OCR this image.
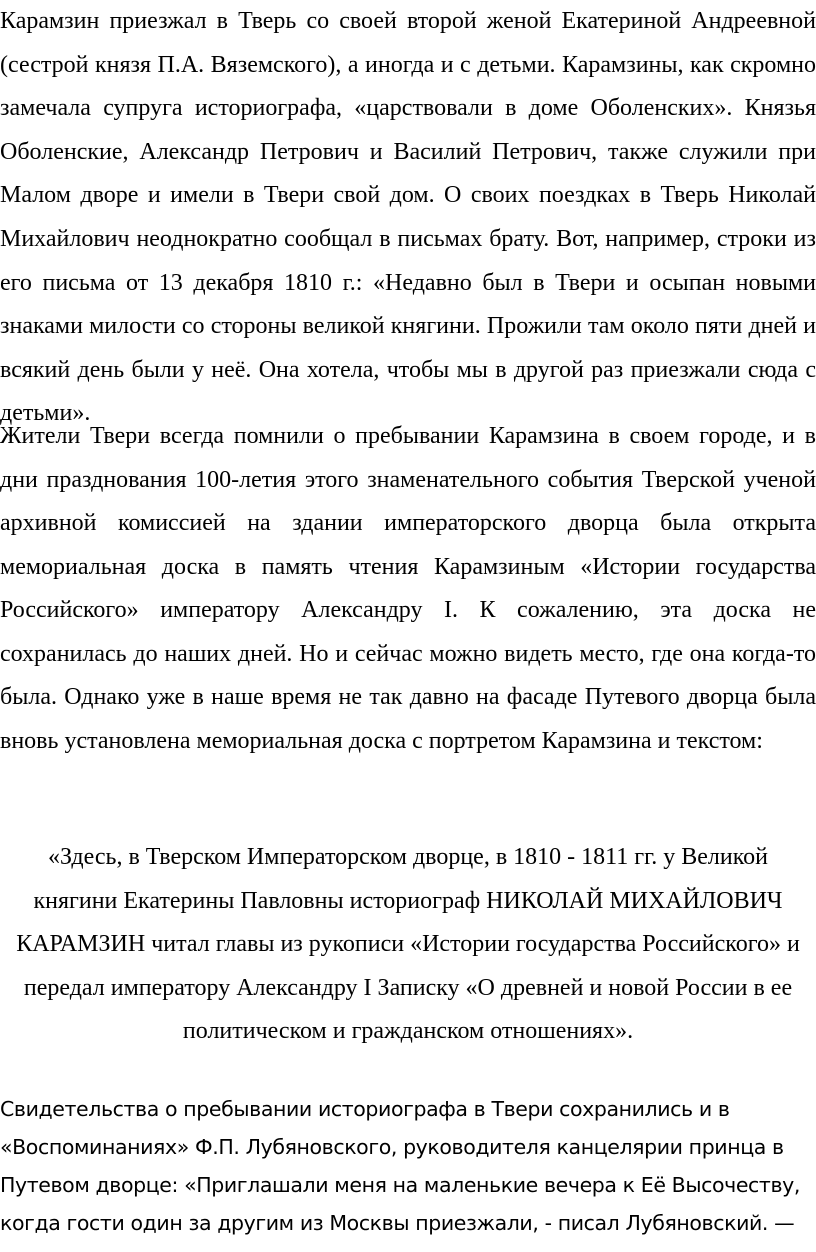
Карамзин приезжал в Тверь со своей второй женой Екатериной Андреевной (сестрой князя П.А. Вяземского), а иногда и с детьми. Карамзины, как скромно замечала супруга историографа, «царствовали в доме Оболенских». Князья Оболенские, Александр Петрович и Василий Петрович, также служили при Малом дворе и имели в Твери свой дом. О своих поездках в Тверь Николай Михайлович неоднократно сообщал в письмах брату. Вот, например, строки из его письма от 13 декабря 1810 г.: «Недавно был в Твери и осыпан новыми знаками милости со стороны великой княгини. Прожили там около пяти дней и всякий день были у неё. Она хотела, чтобы мы в другой раз приезжали сюда с детьми».

Жители Твери всегда помнили о пребывании Карамзина в своем городе, и в дни празднования 100-летия этого знаменательного события Тверской ученой архивной комиссией на здании императорского дворца была открыта мемориальная доска в память чтения Карамзиным «Истории государства Российского» императору Александру I. К сожалению, эта доска не сохранилась до наших дней. Но и сейчас можно видеть место, где она когда-то была. Однако уже в наше время не так давно на фасаде Путевого дворца была вновь установлена мемориальная доска с портретом Карамзина и текстом:

«Здесь, в Тверском Императорском дворце, в 1810 - 1811 гг. у Великой княгини Екатерины Павловны историограф НИКОЛАЙ МИХАЙЛОВИЧ КАРАМЗИН читал главы из рукописи «Истории государства Российского» и передал императору Александру I Записку «О древней и новой России в ее политическом и гражданском отношениях».

Свидетельства о пребывании историографа в Твери сохранились и в «Воспоминаниях» Ф.П. Лубяновского, руководителя канцелярии принца в Путевом дворце: «Приглашали меня на маленькие вечера к Её Высочеству, когда гости один за другим из Москвы приезжали, - писал Лубяновский. —
